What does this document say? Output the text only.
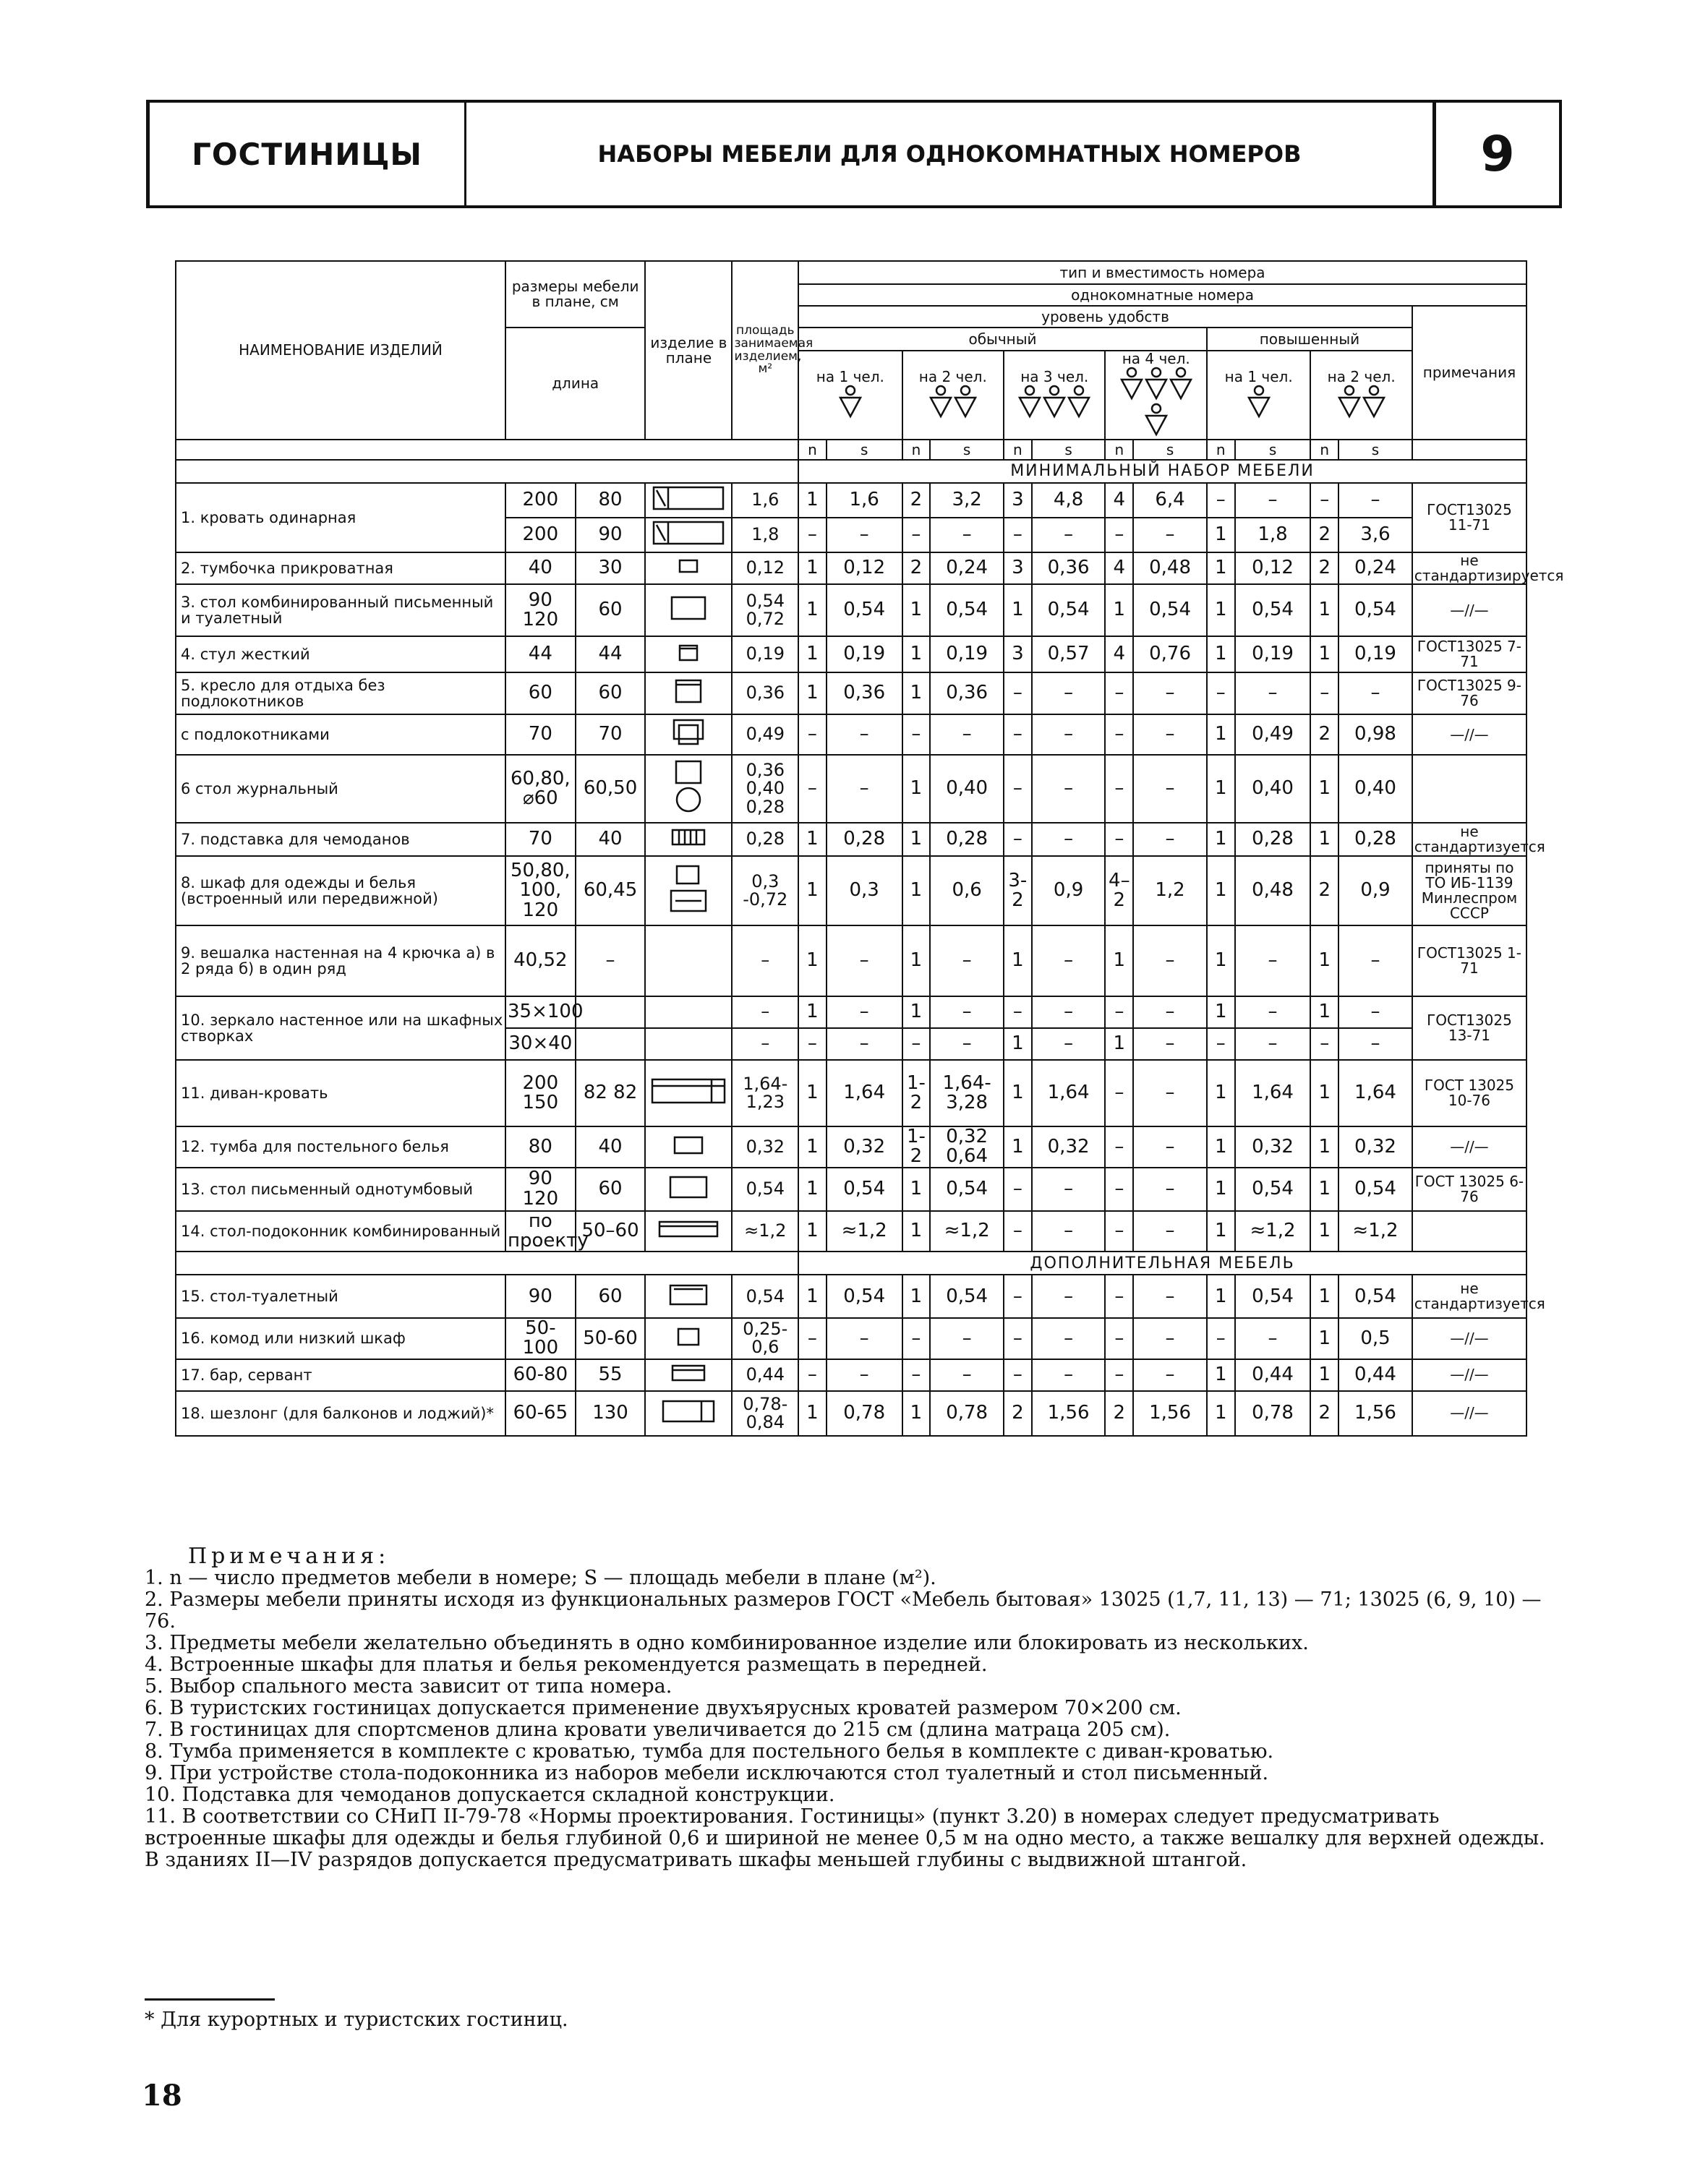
ГОСТИНИЦЫ	НАБОРЫ МЕБЕЛИ ДЛЯ ОДНОКОМНАТНЫХ НОМЕРОВ	9
НАИМЕНОВАНИЕ ИЗДЕЛИЙ	размеры мебели в плане, см		изделие в плане	площадь занимаемая изделием, м²	тип и вместимость номера												
					однокомнатные номера												
					уровень удобств												примечания
	длина				обычный								повышенный				
					на 1 чел.		на 2 чел.		на 3 чел.		на 4 чел.		на 1 чел.		на 2 чел.		

					n	s	n	s	n	s	n	s	n	s	n	s	
					МИНИМАЛЬНЫЙ НАБОР МЕБЕЛИ												
1. кровать одинарная	200	80		1,6	1	1,6	2	3,2	3	4,8	4	6,4	–	–	–	–	ГОСТ13025 11-71
	200	90		1,8	–	–	–	–	–	–	–	–	1	1,8	2	3,6	
2. тумбочка прикроватная	40	30		0,12	1	0,12	2	0,24	3	0,36	4	0,48	1	0,12	2	0,24	не стандартизируется
3. стол комбинированный письменный и туалетный	90 120	60		0,54 0,72	1	0,54	1	0,54	1	0,54	1	0,54	1	0,54	1	0,54	—//—
4. стул жесткий	44	44		0,19	1	0,19	1	0,19	3	0,57	4	0,76	1	0,19	1	0,19	ГОСТ13025 7-71
5. кресло для отдыха без подлокотников	60	60		0,36	1	0,36	1	0,36	–	–	–	–	–	–	–	–	ГОСТ13025 9-76
с подлокотниками	70	70		0,49	–	–	–	–	–	–	–	–	1	0,49	2	0,98	—//—
6 стол журнальный	60,80, ⌀60	60,50		0,36 0,40 0,28	–	–	1	0,40	–	–	–	–	1	0,40	1	0,40	
7. подставка для чемоданов	70	40		0,28	1	0,28	1	0,28	–	–	–	–	1	0,28	1	0,28	не стандартизуется
8. шкаф для одежды и белья (встроенный или передвижной)	50,80, 100, 120	60,45		0,3 -0,72	1	0,3	1	0,6	3-2	0,9	4–2	1,2	1	0,48	2	0,9	приняты по ТО ИБ-1139 Минлеспром СССР
9. вешалка настенная на 4 крючка а) в 2 ряда б) в один ряд	40,52	–		–	1	–	1	–	1	–	1	–	1	–	1	–	ГОСТ13025 1-71
10. зеркало настенное или на шкафных створках	35×100			–	1	–	1	–	–	–	–	–	1	–	1	–	ГОСТ13025 13-71
	30×40			–	–	–	–	–	1	–	1	–	–	–	–	–	
11. диван-кровать	200 150	82 82		1,64- 1,23	1	1,64	1-2	1,64- 3,28	1	1,64	–	–	1	1,64	1	1,64	ГОСТ 13025 10-76
12. тумба для постельного белья	80	40		0,32	1	0,32	1-2	0,32 0,64	1	0,32	–	–	1	0,32	1	0,32	—//—
13. стол письменный однотумбовый	90 120	60		0,54	1	0,54	1	0,54	–	–	–	–	1	0,54	1	0,54	ГОСТ 13025 6-76
14. стол-подоконник комбинированный	по проекту	50–60		≈1,2	1	≈1,2	1	≈1,2	–	–	–	–	1	≈1,2	1	≈1,2	
					ДОПОЛНИТЕЛЬНАЯ МЕБЕЛЬ												
15. стол-туалетный	90	60		0,54	1	0,54	1	0,54	–	–	–	–	1	0,54	1	0,54	не стандартизуется
16. комод или низкий шкаф	50-100	50-60		0,25-0,6	–	–	–	–	–	–	–	–	–	–	1	0,5	—//—
17. бар, сервант	60-80	55		0,44	–	–	–	–	–	–	–	–	1	0,44	1	0,44	—//—
18. шезлонг (для балконов и лоджий)*	60-65	130		0,78- 0,84	1	0,78	1	0,78	2	1,56	2	1,56	1	0,78	2	1,56	—//—
Примечания:

1. n — число предметов мебели в номере; S — площадь мебели в плане (м²).

2. Размеры мебели приняты исходя из функциональных размеров ГОСТ «Мебель бытовая» 13025 (1,7, 11, 13) — 71; 13025 (6, 9, 10) — 76.

3. Предметы мебели желательно объединять в одно комбинированное изделие или блокировать из нескольких.

4. Встроенные шкафы для платья и белья рекомендуется размещать в передней.

5. Выбор спального места зависит от типа номера.

6. В туристских гостиницах допускается применение двухъярусных кроватей размером 70×200 см.

7. В гостиницах для спортсменов длина кровати увеличивается до 215 см (длина матраца 205 см).

8. Тумба применяется в комплекте с кроватью, тумба для постельного белья в комплекте с диван-кроватью.

9. При устройстве стола-подоконника из наборов мебели исключаются стол туалетный и стол письменный.

10. Подставка для чемоданов допускается складной конструкции.

11. В соответствии со СНиП II-79-78 «Нормы проектирования. Гостиницы» (пункт 3.20) в номерах следует предусматривать встроенные шкафы для одежды и белья глубиной 0,6 и шириной не менее 0,5 м на одно место, а также вешалку для верхней одежды. В зданиях II—IV разрядов допускается предусматривать шкафы меньшей глубины с выдвижной штангой.

* Для курортных и туристских гостиниц.
18
